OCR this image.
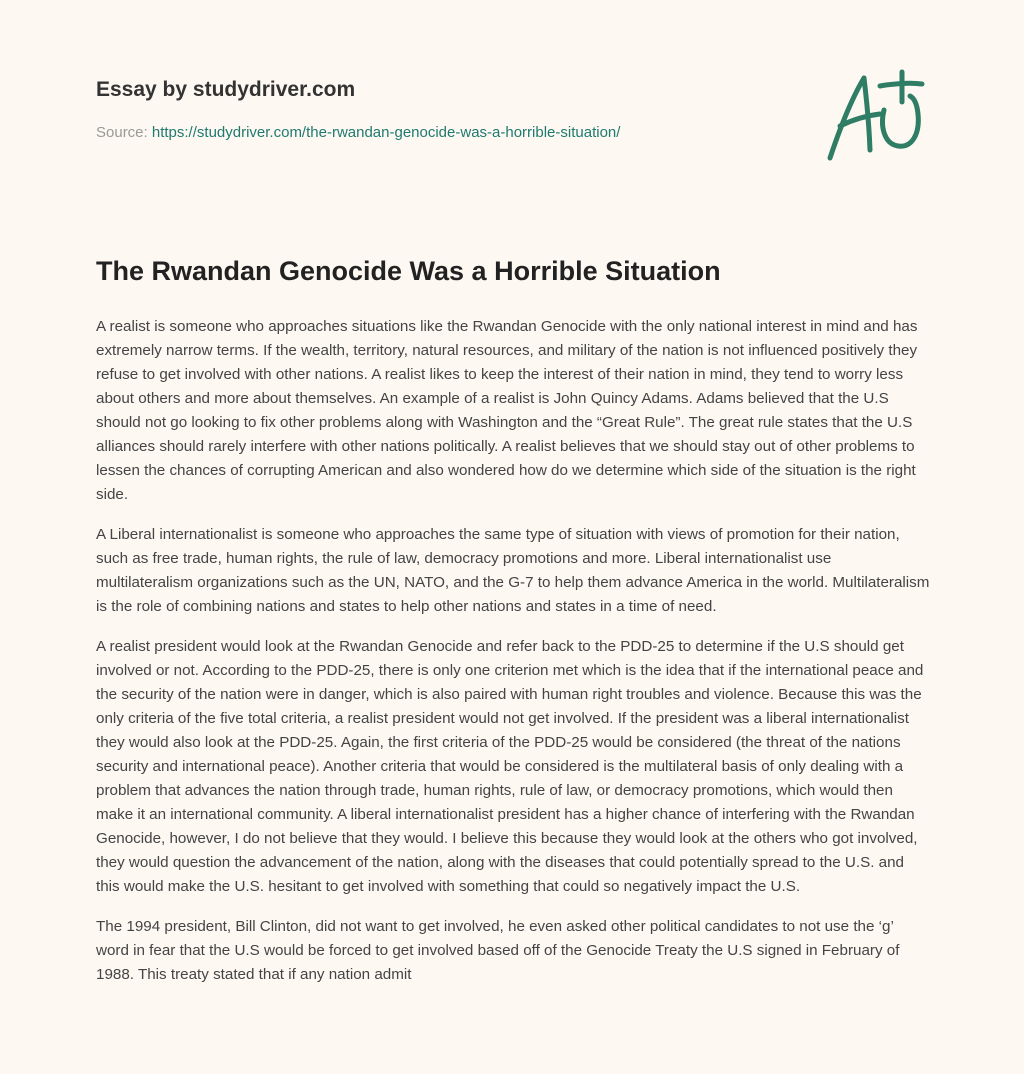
Essay by studydriver.com
Source: https://studydriver.com/the-rwandan-genocide-was-a-horrible-situation/
The Rwandan Genocide Was a Horrible Situation

A realist is someone who approaches situations like the Rwandan Genocide with the only national interest in mind and has extremely narrow terms. If the wealth, territory, natural resources, and military of the nation is not influenced positively they refuse to get involved with other nations. A realist likes to keep the interest of their nation in mind, they tend to worry less about others and more about themselves. An example of a realist is John Quincy Adams. Adams believed that the U.S should not go looking to fix other problems along with Washington and the “Great Rule”. The great rule states that the U.S alliances should rarely interfere with other nations politically. A realist believes that we should stay out of other problems to lessen the chances of corrupting American and also wondered how do we determine which side of the situation is the right side.

A Liberal internationalist is someone who approaches the same type of situation with views of promotion for their nation, such as free trade, human rights, the rule of law, democracy promotions and more. Liberal internationalist use multilateralism organizations such as the UN, NATO, and the G-7 to help them advance America in the world. Multilateralism is the role of combining nations and states to help other nations and states in a time of need.

A realist president would look at the Rwandan Genocide and refer back to the PDD-25 to determine if the U.S should get involved or not. According to the PDD-25, there is only one criterion met which is the idea that if the international peace and the security of the nation were in danger, which is also paired with human right troubles and violence. Because this was the only criteria of the five total criteria, a realist president would not get involved. If the president was a liberal internationalist they would also look at the PDD-25. Again, the first criteria of the PDD-25 would be considered (the threat of the nations security and international peace). Another criteria that would be considered is the multilateral basis of only dealing with a problem that advances the nation through trade, human rights, rule of law, or democracy promotions, which would then make it an international community. A liberal internationalist president has a higher chance of interfering with the Rwandan Genocide, however, I do not believe that they would. I believe this because they would look at the others who got involved, they would question the advancement of the nation, along with the diseases that could potentially spread to the U.S. and this would make the U.S. hesitant to get involved with something that could so negatively impact the U.S.

The 1994 president, Bill Clinton, did not want to get involved, he even asked other political candidates to not use the ‘g’ word in fear that the U.S would be forced to get involved based off of the Genocide Treaty the U.S signed in February of 1988. This treaty stated that if any nation admit
